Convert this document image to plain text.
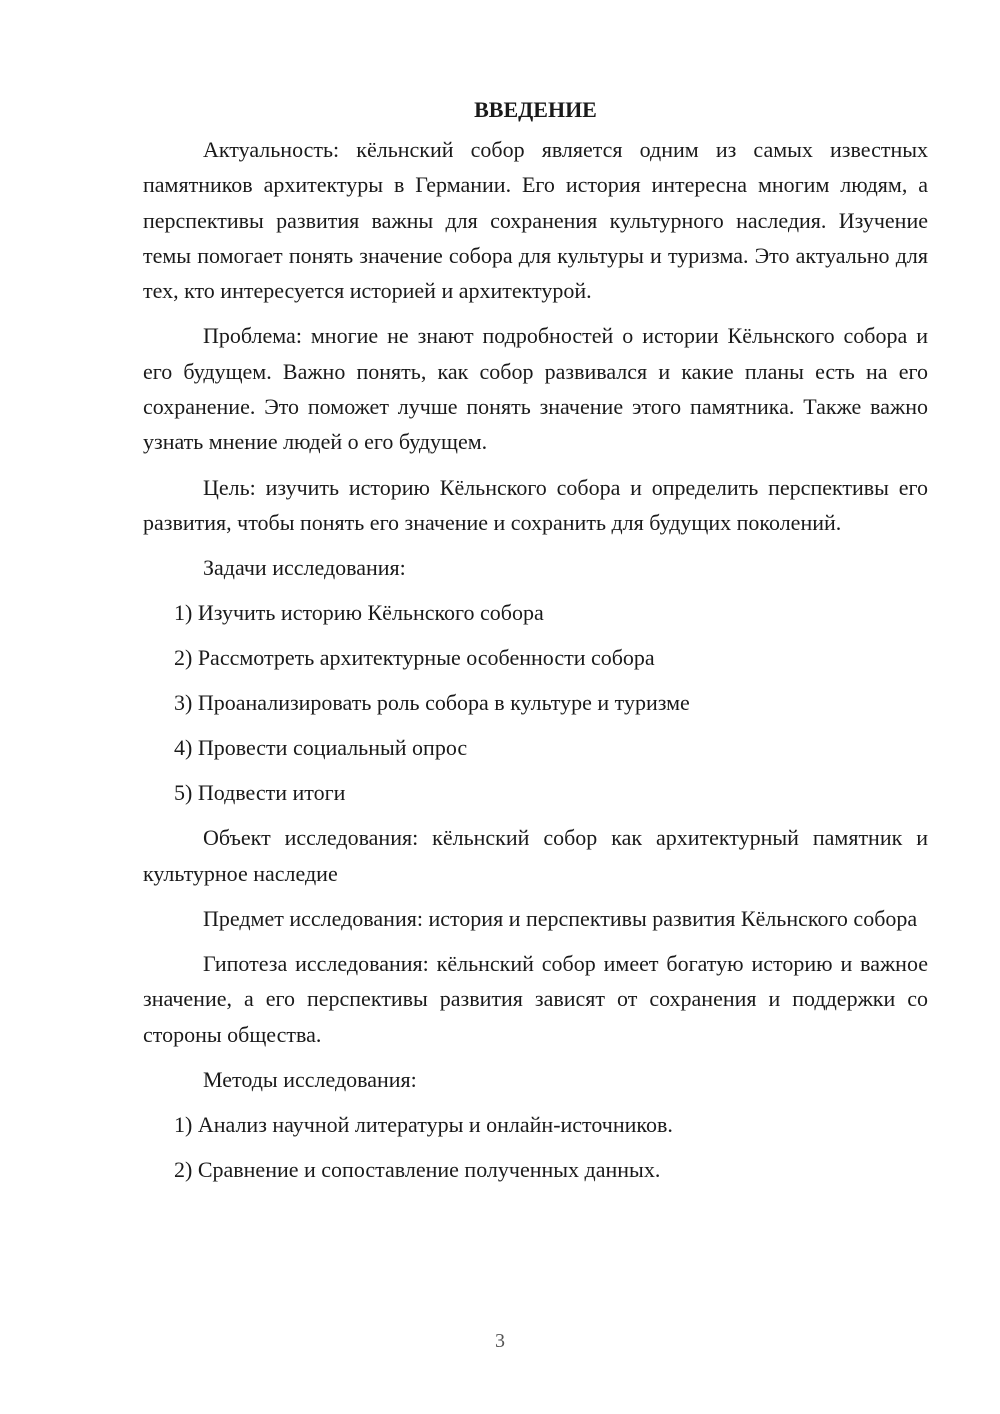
ВВЕДЕНИЕ

Актуальность: кёльнский собор является одним из самых известных памятников архитектуры в Германии. Его история интересна многим людям, а перспективы развития важны для сохранения культурного наследия. Изучение темы помогает понять значение собора для культуры и туризма. Это актуально для тех, кто интересуется историей и архитектурой.

Проблема: многие не знают подробностей о истории Кёльнского собора и его будущем. Важно понять, как собор развивался и какие планы есть на его сохранение. Это поможет лучше понять значение этого памятника. Также важно узнать мнение людей о его будущем.

Цель: изучить историю Кёльнского собора и определить перспективы его развития, чтобы понять его значение и сохранить для будущих поколений.

Задачи исследования:

1) Изучить историю Кёльнского собора
2) Рассмотреть архитектурные особенности собора
3) Проанализировать роль собора в культуре и туризме
4) Провести социальный опрос
5) Подвести итоги

Объект исследования: кёльнский собор как архитектурный памятник и культурное наследие

Предмет исследования: история и перспективы развития Кёльнского собора

Гипотеза исследования: кёльнский собор имеет богатую историю и важное значение, а его перспективы развития зависят от сохранения и поддержки со стороны общества.

Методы исследования:

1) Анализ научной литературы и онлайн-источников.
2) Сравнение и сопоставление полученных данных.
3
